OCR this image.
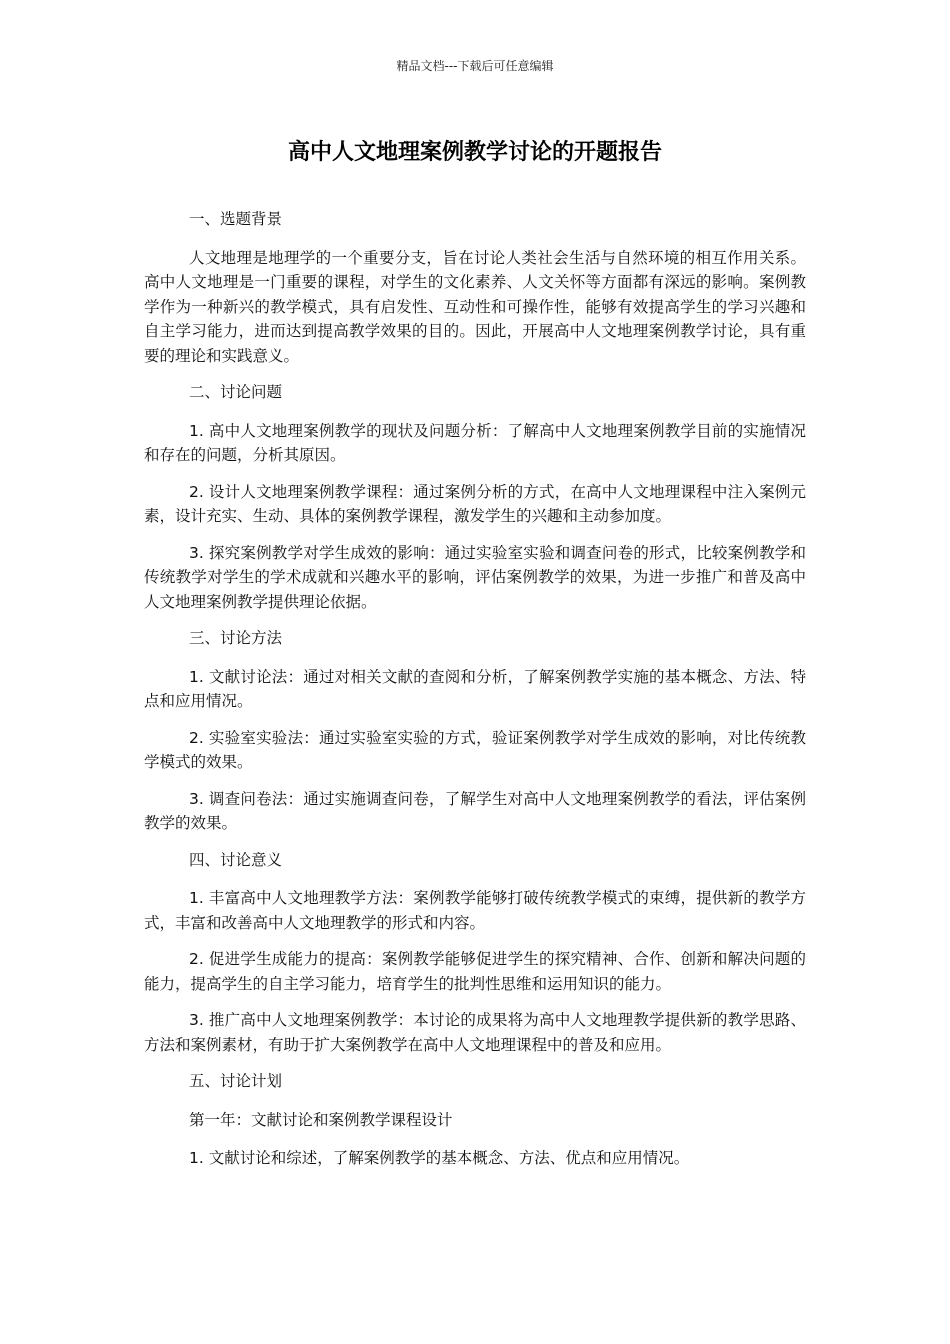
精品文档---下载后可任意编辑
高中人文地理案例教学讨论的开题报告
一、选题背景
人文地理是地理学的一个重要分支，旨在讨论人类社会生活与自然环境的相互作用关系。高中人文地理是一门重要的课程，对学生的文化素养、人文关怀等方面都有深远的影响。案例教学作为一种新兴的教学模式，具有启发性、互动性和可操作性，能够有效提高学生的学习兴趣和自主学习能力，进而达到提高教学效果的目的。因此，开展高中人文地理案例教学讨论，具有重要的理论和实践意义。
二、讨论问题
1. 高中人文地理案例教学的现状及问题分析：了解高中人文地理案例教学目前的实施情况和存在的问题，分析其原因。
2. 设计人文地理案例教学课程：通过案例分析的方式，在高中人文地理课程中注入案例元素，设计充实、生动、具体的案例教学课程，激发学生的兴趣和主动参加度。
3. 探究案例教学对学生成效的影响：通过实验室实验和调查问卷的形式，比较案例教学和传统教学对学生的学术成就和兴趣水平的影响，评估案例教学的效果，为进一步推广和普及高中人文地理案例教学提供理论依据。
三、讨论方法
1. 文献讨论法：通过对相关文献的查阅和分析，了解案例教学实施的基本概念、方法、特点和应用情况。
2. 实验室实验法：通过实验室实验的方式，验证案例教学对学生成效的影响，对比传统教学模式的效果。
3. 调查问卷法：通过实施调查问卷，了解学生对高中人文地理案例教学的看法，评估案例教学的效果。
四、讨论意义
1. 丰富高中人文地理教学方法：案例教学能够打破传统教学模式的束缚，提供新的教学方式，丰富和改善高中人文地理教学的形式和内容。
2. 促进学生成能力的提高：案例教学能够促进学生的探究精神、合作、创新和解决问题的能力，提高学生的自主学习能力，培育学生的批判性思维和运用知识的能力。
3. 推广高中人文地理案例教学：本讨论的成果将为高中人文地理教学提供新的教学思路、方法和案例素材，有助于扩大案例教学在高中人文地理课程中的普及和应用。
五、讨论计划
第一年：文献讨论和案例教学课程设计
1. 文献讨论和综述，了解案例教学的基本概念、方法、优点和应用情况。
